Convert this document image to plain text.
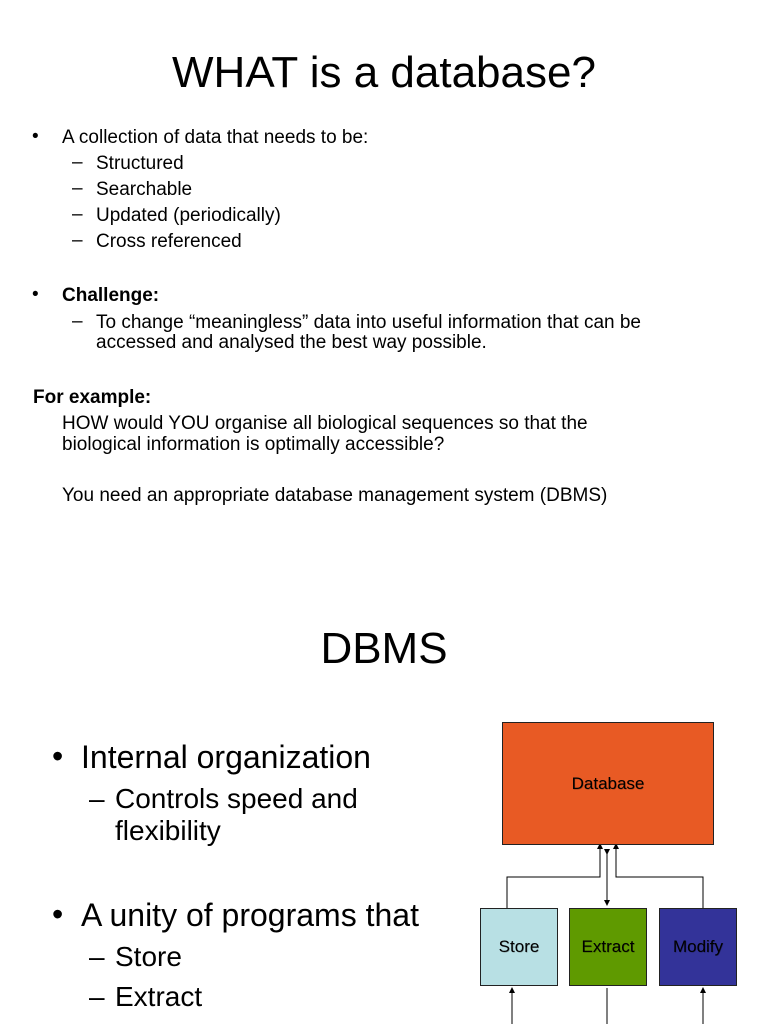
WHAT is a database?
• A collection of data that needs to be:
– Structured
– Searchable
– Updated (periodically)
– Cross referenced
• Challenge:
– To change “meaningless” data into useful information that can be
accessed and analysed the best way possible.
For example:
HOW would YOU organise all biological sequences so that the
biological information is optimally accessible?
You need an appropriate database management system (DBMS)
DBMS
• Internal organization
– Controls speed and
flexibility
• A unity of programs that
– Store
– Extract
Database
Store Extract Modify
